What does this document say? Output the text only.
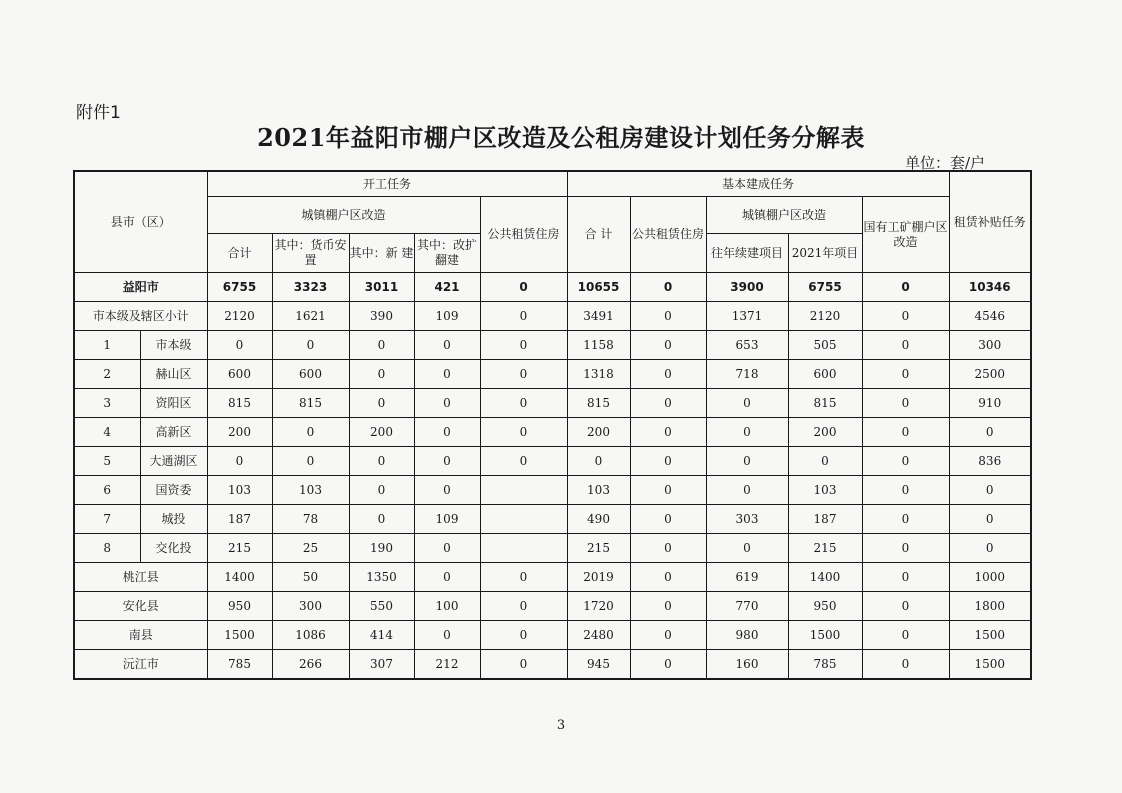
附件1
2021年益阳市棚户区改造及公租房建设计划任务分解表
单位：套/户
县市（区）		开工任务					基本建成任务					租赁补贴任务
		城镇棚户区改造				公共租赁住房	合 计	公共租赁住房	城镇棚户区改造		国有工矿棚户区改造	
		合计	其中：货币安置	其中：新 建	其中：改扩翻建				往年续建项目	2021年项目		
益阳市		6755	3323	3011	421	0	10655	0	3900	6755	0	10346
市本级及辖区小计		2120	1621	390	109	0	3491	0	1371	2120	0	4546
1	市本级	0	0	0	0	0	1158	0	653	505	0	300
2	赫山区	600	600	0	0	0	1318	0	718	600	0	2500
3	资阳区	815	815	0	0	0	815	0	0	815	0	910
4	高新区	200	0	200	0	0	200	0	0	200	0	0
5	大通湖区	0	0	0	0	0	0	0	0	0	0	836
6	国资委	103	103	0	0		103	0	0	103	0	0
7	城投	187	78	0	109		490	0	303	187	0	0
8	交化投	215	25	190	0		215	0	0	215	0	0
桃江县		1400	50	1350	0	0	2019	0	619	1400	0	1000
安化县		950	300	550	100	0	1720	0	770	950	0	1800
南县		1500	1086	414	0	0	2480	0	980	1500	0	1500
沅江市		785	266	307	212	0	945	0	160	785	0	1500
3
